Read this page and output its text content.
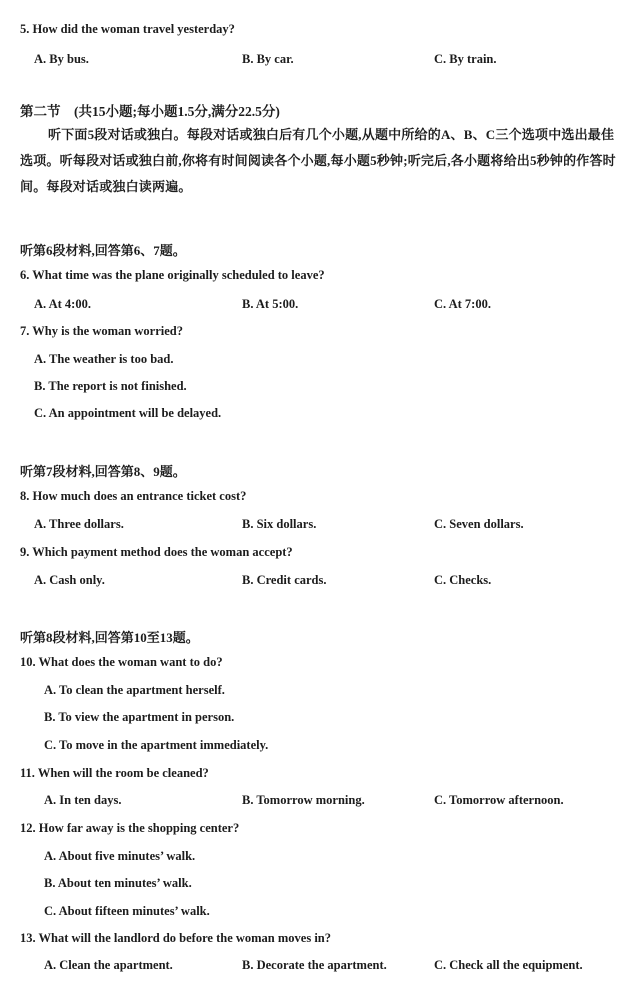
5. How did the woman travel yesterday?
A. By bus.	B. By car.	C. By train.
第二节　(共15小题;每小题1.5分,满分22.5分)
听下面5段对话或独白。每段对话或独白后有几个小题,从题中所给的A、B、C三个选项中选出最佳选项。听每段对话或独白前,你将有时间阅读各个小题,每小题5秒钟;听完后,各小题将给出5秒钟的作答时间。每段对话或独白读两遍。
听第6段材料,回答第6、7题。
6. What time was the plane originally scheduled to leave?
A. At 4:00.	B. At 5:00.	C. At 7:00.
7. Why is the woman worried?
A. The weather is too bad.
B. The report is not finished.
C. An appointment will be delayed.
听第7段材料,回答第8、9题。
8. How much does an entrance ticket cost?
A. Three dollars.	B. Six dollars.	C. Seven dollars.
9. Which payment method does the woman accept?
A. Cash only.	B. Credit cards.	C. Checks.
听第8段材料,回答第10至13题。
10. What does the woman want to do?
A. To clean the apartment herself.
B. To view the apartment in person.
C. To move in the apartment immediately.
11. When will the room be cleaned?
A. In ten days.	B. Tomorrow morning.	C. Tomorrow afternoon.
12. How far away is the shopping center?
A. About five minutes’ walk.
B. About ten minutes’ walk.
C. About fifteen minutes’ walk.
13. What will the landlord do before the woman moves in?
A. Clean the apartment.	B. Decorate the apartment.	C. Check all the equipment.
